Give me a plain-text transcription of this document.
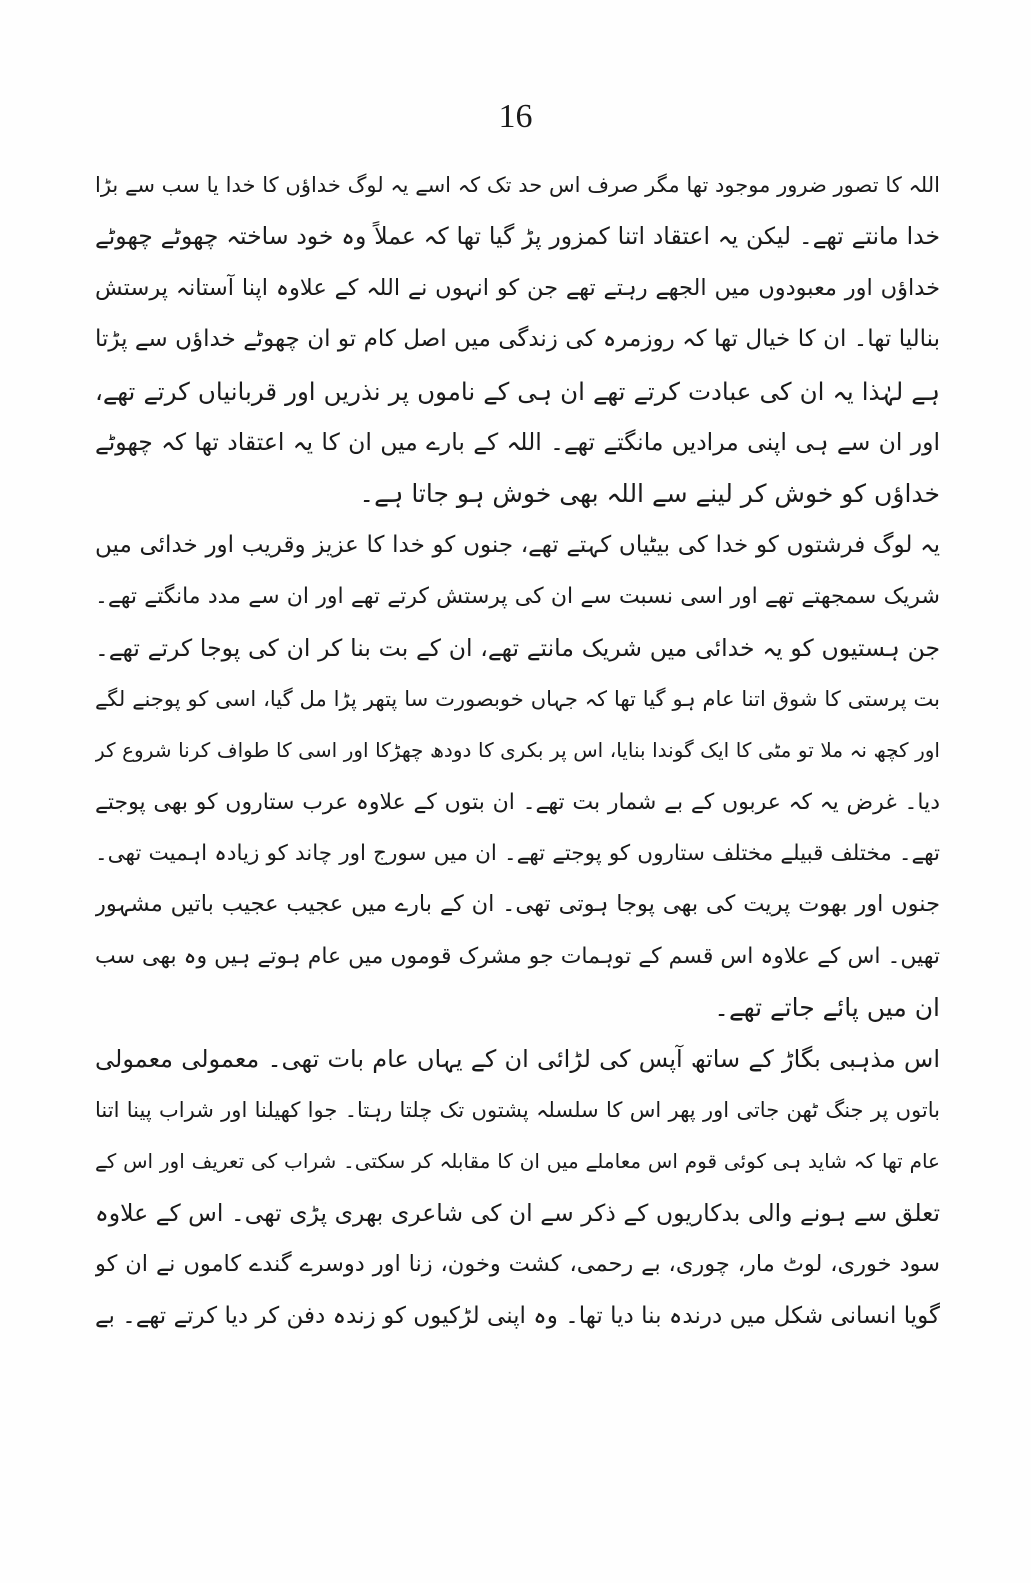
16
اللہ کا تصور ضرور موجود تھا مگر صرف اس حد تک کہ اسے یہ لوگ خداؤں کا خدا یا سب سے بڑا
خدا مانتے تھے۔ لیکن یہ اعتقاد اتنا کمزور پڑ گیا تھا کہ عملاً وہ خود ساختہ چھوٹے چھوٹے
خداؤں اور معبودوں میں الجھے رہتے تھے جن کو انہوں نے اللہ کے علاوہ اپنا آستانہ پرستش
بنالیا تھا۔ ان کا خیال تھا کہ روزمرہ کی زندگی میں اصل کام تو ان چھوٹے خداؤں سے پڑتا
ہے لہٰذا یہ ان کی عبادت کرتے تھے ان ہی کے ناموں پر نذریں اور قربانیاں کرتے تھے،
اور ان سے ہی اپنی مرادیں مانگتے تھے۔ اللہ کے بارے میں ان کا یہ اعتقاد تھا کہ چھوٹے
خداؤں کو خوش کر لینے سے اللہ بھی خوش ہو جاتا ہے۔
یہ لوگ فرشتوں کو خدا کی بیٹیاں کہتے تھے، جنوں کو خدا کا عزیز وقریب اور خدائی میں
شریک سمجھتے تھے اور اسی نسبت سے ان کی پرستش کرتے تھے اور ان سے مدد مانگتے تھے۔
جن ہستیوں کو یہ خدائی میں شریک مانتے تھے، ان کے بت بنا کر ان کی پوجا کرتے تھے۔
بت پرستی کا شوق اتنا عام ہو گیا تھا کہ جہاں خوبصورت سا پتھر پڑا مل گیا، اسی کو پوجنے لگے
اور کچھ نہ ملا تو مٹی کا ایک گوندا بنایا، اس پر بکری کا دودھ چھڑکا اور اسی کا طواف کرنا شروع کر
دیا۔ غرض یہ کہ عربوں کے بے شمار بت تھے۔ ان بتوں کے علاوہ عرب ستاروں کو بھی پوجتے
تھے۔ مختلف قبیلے مختلف ستاروں کو پوجتے تھے۔ ان میں سورج اور چاند کو زیادہ اہمیت تھی۔
جنوں اور بھوت پریت کی بھی پوجا ہوتی تھی۔ ان کے بارے میں عجیب عجیب باتیں مشہور
تھیں۔ اس کے علاوہ اس قسم کے توہمات جو مشرک قوموں میں عام ہوتے ہیں وہ بھی سب
ان میں پائے جاتے تھے۔
اس مذہبی بگاڑ کے ساتھ آپس کی لڑائی ان کے یہاں عام بات تھی۔ معمولی معمولی
باتوں پر جنگ ٹھن جاتی اور پھر اس کا سلسلہ پشتوں تک چلتا رہتا۔ جوا کھیلنا اور شراب پینا اتنا
عام تھا کہ شاید ہی کوئی قوم اس معاملے میں ان کا مقابلہ کر سکتی۔ شراب کی تعریف اور اس کے
تعلق سے ہونے والی بدکاریوں کے ذکر سے ان کی شاعری بھری پڑی تھی۔ اس کے علاوہ
سود خوری، لوٹ مار، چوری، بے رحمی، کشت وخون، زنا اور دوسرے گندے کاموں نے ان کو
گویا انسانی شکل میں درندہ بنا دیا تھا۔ وہ اپنی لڑکیوں کو زندہ دفن کر دیا کرتے تھے۔ بے
